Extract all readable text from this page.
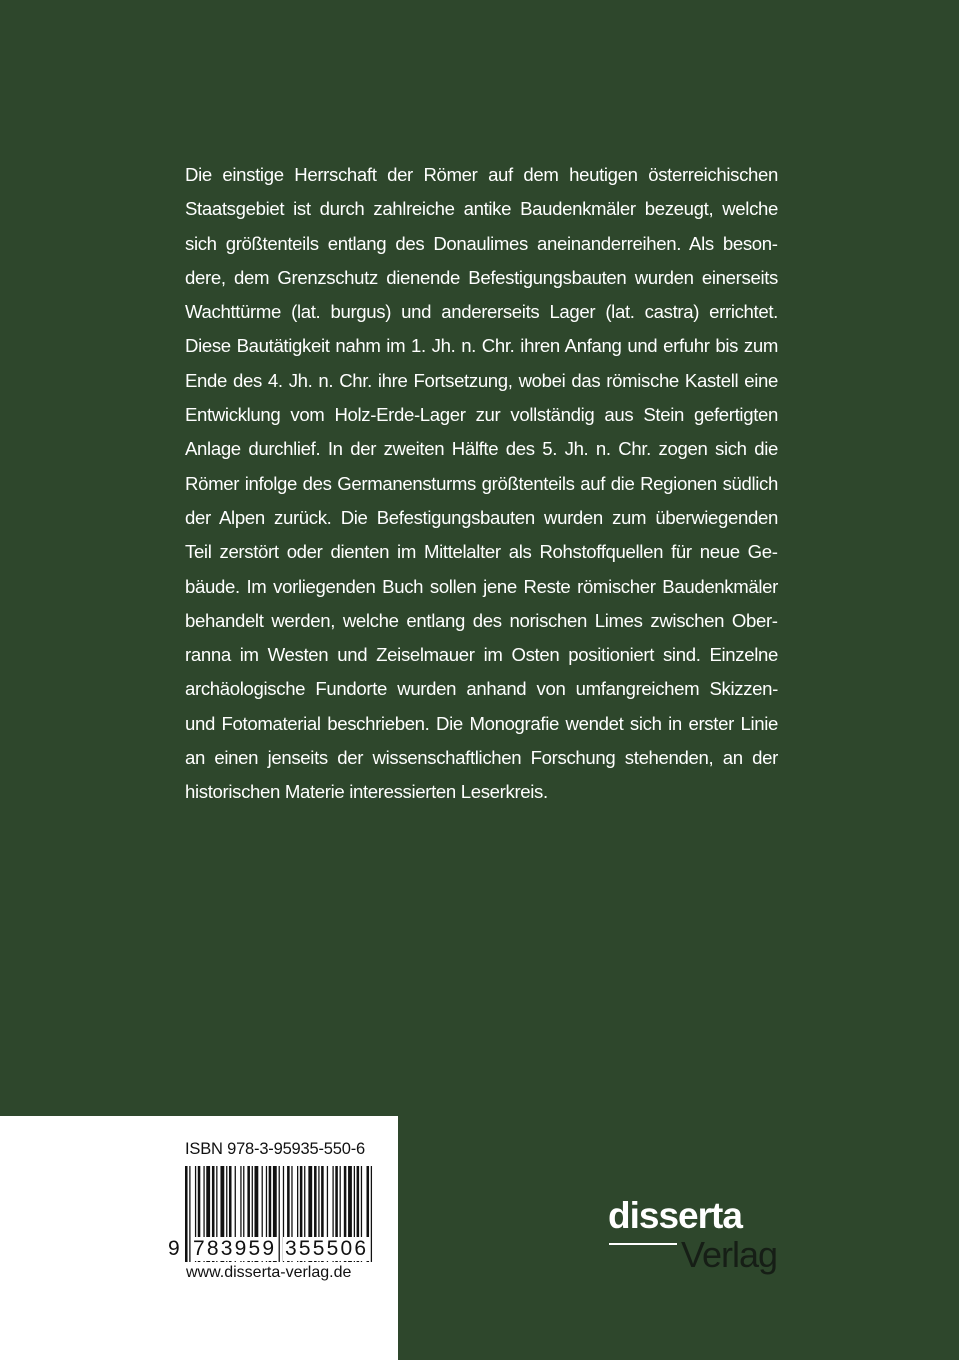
Die einstige Herrschaft der Römer auf dem heutigen österreichischen Staatsgebiet ist durch zahlreiche antike Baudenkmäler bezeugt, welche sich größtenteils entlang des Donaulimes aneinanderreihen. Als besondere, dem Grenzschutz dienende Befestigungsbauten wurden einerseits Wachttürme (lat. burgus) und andererseits Lager (lat. castra) errichtet. Diese Bautätigkeit nahm im 1. Jh. n. Chr. ihren Anfang und erfuhr bis zum Ende des 4. Jh. n. Chr. ihre Fortsetzung, wobei das römische Kastell eine Entwicklung vom Holz-Erde-Lager zur vollständig aus Stein gefertigten Anlage durchlief. In der zweiten Hälfte des 5. Jh. n. Chr. zogen sich die Römer infolge des Germanensturms größtenteils auf die Regionen südlich der Alpen zurück. Die Befestigungsbauten wurden zum überwiegenden Teil zerstört oder dienten im Mittelalter als Rohstoffquellen für neue Gebäude. Im vorliegenden Buch sollen jene Reste römischer Baudenkmäler behandelt werden, welche entlang des norischen Limes zwischen Oberranna im Westen und Zeiselmauer im Osten positioniert sind. Einzelne archäologische Fundorte wurden anhand von umfangreichem Skizzen- und Fotomaterial beschrieben. Die Monografie wendet sich in erster Linie an einen jenseits der wissenschaftlichen Forschung stehenden, an der historischen Materie interessierten Leserkreis.

ISBN 978-3-95935-550-6
9 783959 355506
www.disserta-verlag.de
disserta
Verlag
